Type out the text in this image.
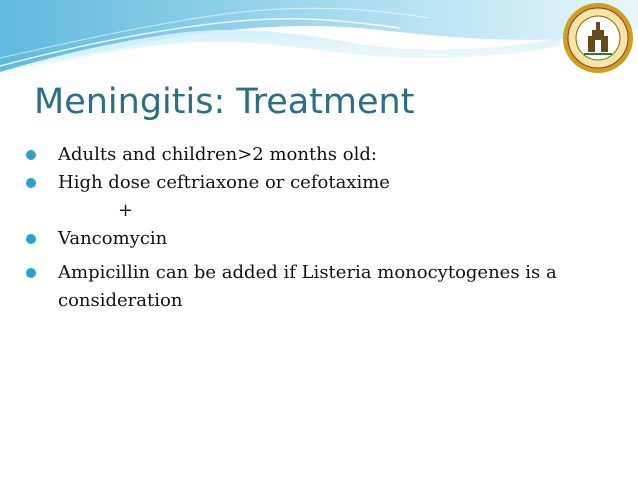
Meningitis: Treatment
Adults and children>2 months old:
High dose ceftriaxone or cefotaxime
+
Vancomycin
Ampicillin can be added if Listeria monocytogenes is a consideration
